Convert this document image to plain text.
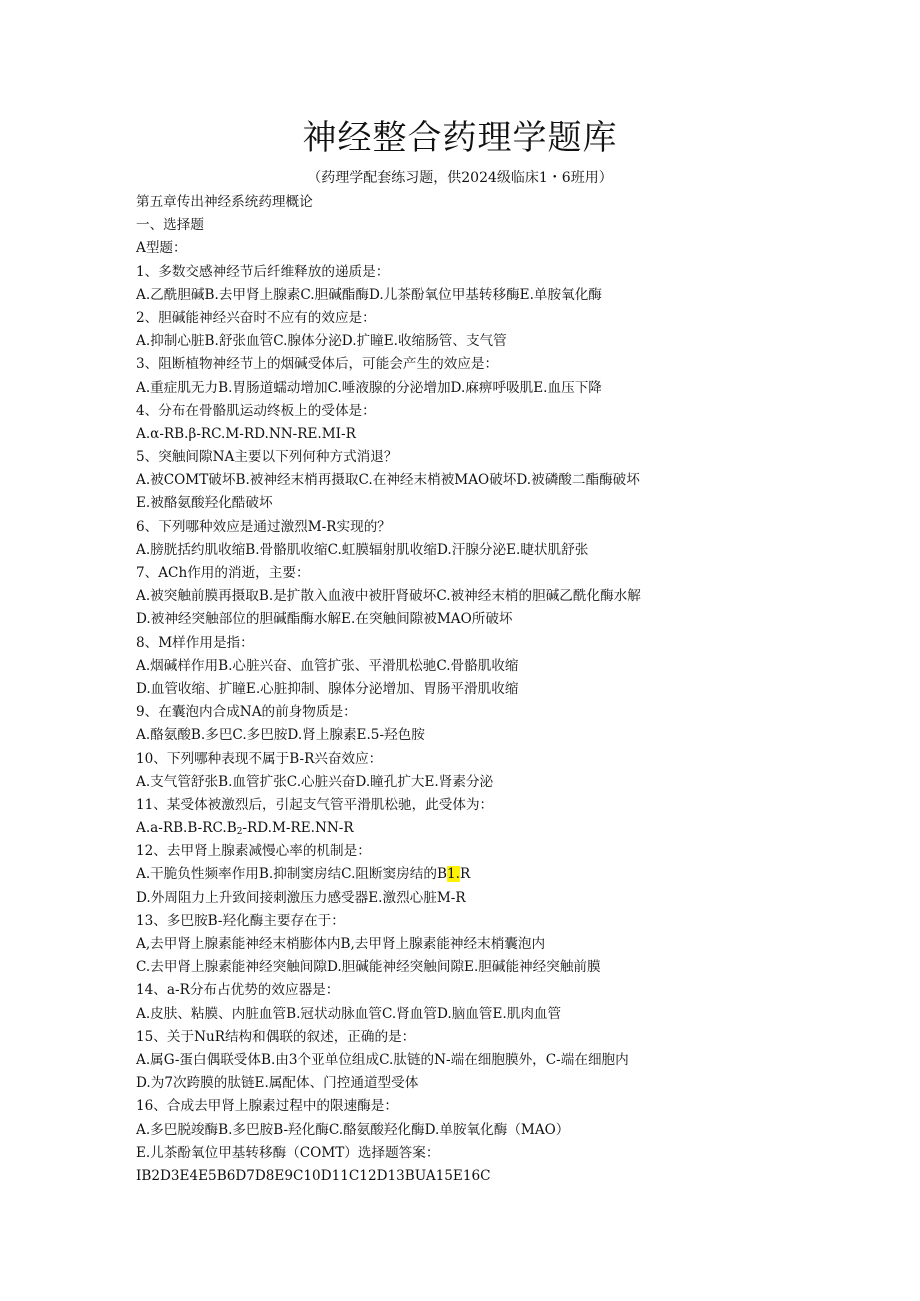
神经整合药理学题库
（药理学配套练习题，供2024级临床1・6班用）
第五章传出神经系统药理概论
一、选择题
A型题：
1、多数交感神经节后纤维释放的递质是：
A.乙酰胆碱B.去甲肾上腺素C.胆碱酯酶D.儿茶酚氧位甲基转移酶E.单胺氧化酶
2、胆碱能神经兴奋时不应有的效应是：
A.抑制心脏B.舒张血管C.腺体分泌D.扩瞳E.收缩肠管、支气管
3、阻断植物神经节上的烟碱受体后，可能会产生的效应是：
A.重症肌无力B.胃肠道蠕动增加C.唾液腺的分泌增加D.麻痹呼吸肌E.血压下降
4、分布在骨骼肌运动终板上的受体是：
A.α-RB.β-RC.M-RD.NN-RE.MI-R
5、突触间隙NA主要以下列何种方式消退？
A.被COMT破坏B.被神经末梢再摄取C.在神经末梢被MAO破坏D.被磷酸二酯酶破坏
E.被酪氨酸羟化酷破坏
6、下列哪种效应是通过激烈M-R实现的？
A.膀胱括约肌收缩B.骨骼肌收缩C.虹膜辐射肌收缩D.汗腺分泌E.睫状肌舒张
7、ACh作用的消逝，主要：
A.被突触前膜再摄取B.是扩散入血液中被肝肾破坏C.被神经末梢的胆碱乙酰化酶水解
D.被神经突触部位的胆碱酯酶水解E.在突触间隙被MAO所破坏
8、M样作用是指：
A.烟碱样作用B.心脏兴奋、血管扩张、平滑肌松驰C.骨骼肌收缩
D.血管收缩、扩瞳E.心脏抑制、腺体分泌增加、胃肠平滑肌收缩
9、在囊泡内合成NA的前身物质是：
A.酪氨酸B.多巴C.多巴胺D.肾上腺素E.5-羟色胺
10、下列哪种表现不属于B-R兴奋效应：
A.支气管舒张B.血管扩张C.心脏兴奋D.瞳孔扩大E.肾素分泌
11、某受体被激烈后，引起支气管平滑肌松驰，此受体为：
$A.a-RB.B-RC.B_2-RD.M-RE.NN-R$
12、去甲肾上腺素减慢心率的机制是：
A.干脆负性频率作用B.抑制窦房结C.阻断窦房结的B1.R
D.外周阻力上升致间接刺激压力感受器E.激烈心脏M-R
13、多巴胺B-羟化酶主要存在于：
A,去甲肾上腺素能神经末梢膨体内B,去甲肾上腺素能神经末梢囊泡内
C.去甲肾上腺素能神经突触间隙D.胆碱能神经突触间隙E.胆碱能神经突触前膜
14、a-R分布占优势的效应器是：
A.皮肤、粘膜、内脏血管B.冠状动脉血管C.肾血管D.脑血管E.肌肉血管
15、关于NuR结构和偶联的叙述，正确的是：
A.属G-蛋白偶联受体B.由3个亚单位组成C.肽链的N-端在细胞膜外，C-端在细胞内
D.为7次跨膜的肽链E.属配体、门控通道型受体
16、合成去甲肾上腺素过程中的限速酶是：
A.多巴脱竣酶B.多巴胺B-羟化酶C.酪氨酸羟化酶D.单胺氧化酶（MAO）
E.儿茶酚氧位甲基转移酶（COMT）选择题答案：
IB2D3E4E5B6D7D8E9C10D11C12D13BUA15E16C
